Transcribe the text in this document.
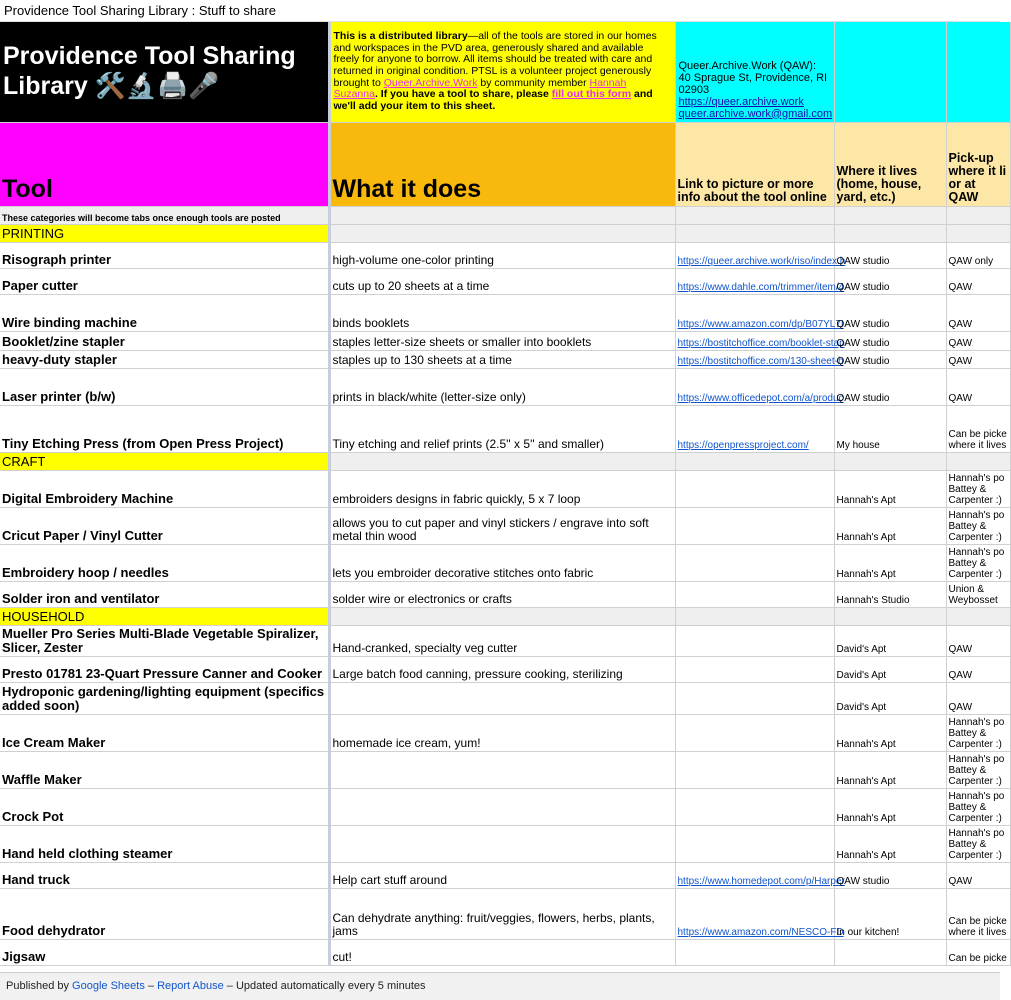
Providence Tool Sharing Library : Stuff to share
Providence Tool Sharing Library 🛠️🔬🖨️🎤	This is a distributed library—all of the tools are stored in our homes and workspaces in the PVD area, generously shared and available freely for anyone to borrow. All items should be treated with care and returned in original condition. PTSL is a volunteer project generously brought to Queer.Archive.Work by community member Hannah Suzanna. If you have a tool to share, please fill out this form and we'll add your item to this sheet.	Queer.Archive.Work (QAW): 40 Sprague St, Providence, RI 02903 https://queer.archive.work
queer.archive.work@gmail.com		
Tool	What it does	Link to picture or more info about the tool online	Where it lives (home, house, yard, etc.)	Pick-up where it li or at QAW
These categories will become tabs once enough tools are posted				
PRINTING				
Risograph printer	high-volume one-color printing	https://queer.archive.work/riso/index.h	QAW studio	QAW only
Paper cutter	cuts up to 20 sheets at a time	https://www.dahle.com/trimmer/item/4	QAW studio	QAW
Wire binding machine	binds booklets	https://www.amazon.com/dp/B07YL7I	QAW studio	QAW
Booklet/zine stapler	staples letter-size sheets or smaller into booklets	https://bostitchoffice.com/booklet-stap	QAW studio	QAW
heavy-duty stapler	staples up to 130 sheets at a time	https://bostitchoffice.com/130-sheet-h	QAW studio	QAW
Laser printer (b/w)	prints in black/white (letter-size only)	https://www.officedepot.com/a/produc	QAW studio	QAW
Tiny Etching Press (from Open Press Project)	Tiny etching and relief prints (2.5'' x 5'' and smaller)	https://openpressproject.com/	My house	Can be picke where it lives
CRAFT				
Digital Embroidery Machine	embroiders designs in fabric quickly, 5 x 7 loop		Hannah's Apt	Hannah's po Battey & Carpenter :)
Cricut Paper / Vinyl Cutter	allows you to cut paper and vinyl stickers / engrave into soft metal thin wood		Hannah's Apt	Hannah's po Battey & Carpenter :)
Embroidery hoop / needles	lets you embroider decorative stitches onto fabric		Hannah's Apt	Hannah's po Battey & Carpenter :)
Solder iron and ventilator	solder wire or electronics or crafts		Hannah's Studio	Union & Weybosset
HOUSEHOLD				
Mueller Pro Series Multi-Blade Vegetable Spiralizer, Slicer, Zester	Hand-cranked, specialty veg cutter		David's Apt	QAW
Presto 01781 23-Quart Pressure Canner and Cooker	Large batch food canning, pressure cooking, sterilizing		David's Apt	QAW
Hydroponic gardening/lighting equipment (specifics added soon)			David's Apt	QAW
Ice Cream Maker	homemade ice cream, yum!		Hannah's Apt	Hannah's po Battey & Carpenter :)
Waffle Maker			Hannah's Apt	Hannah's po Battey & Carpenter :)
Crock Pot			Hannah's Apt	Hannah's po Battey & Carpenter :)
Hand held clothing steamer			Hannah's Apt	Hannah's po Battey & Carpenter :)
Hand truck	Help cart stuff around	https://www.homedepot.com/p/Harper	QAW studio	QAW
Food dehydrator	Can dehydrate anything: fruit/veggies, flowers, herbs, plants, jams	https://www.amazon.com/NESCO-FD	In our kitchen!	Can be picke where it lives
Jigsaw	cut!			Can be picke
Published by Google Sheets – Report Abuse – Updated automatically every 5 minutes
